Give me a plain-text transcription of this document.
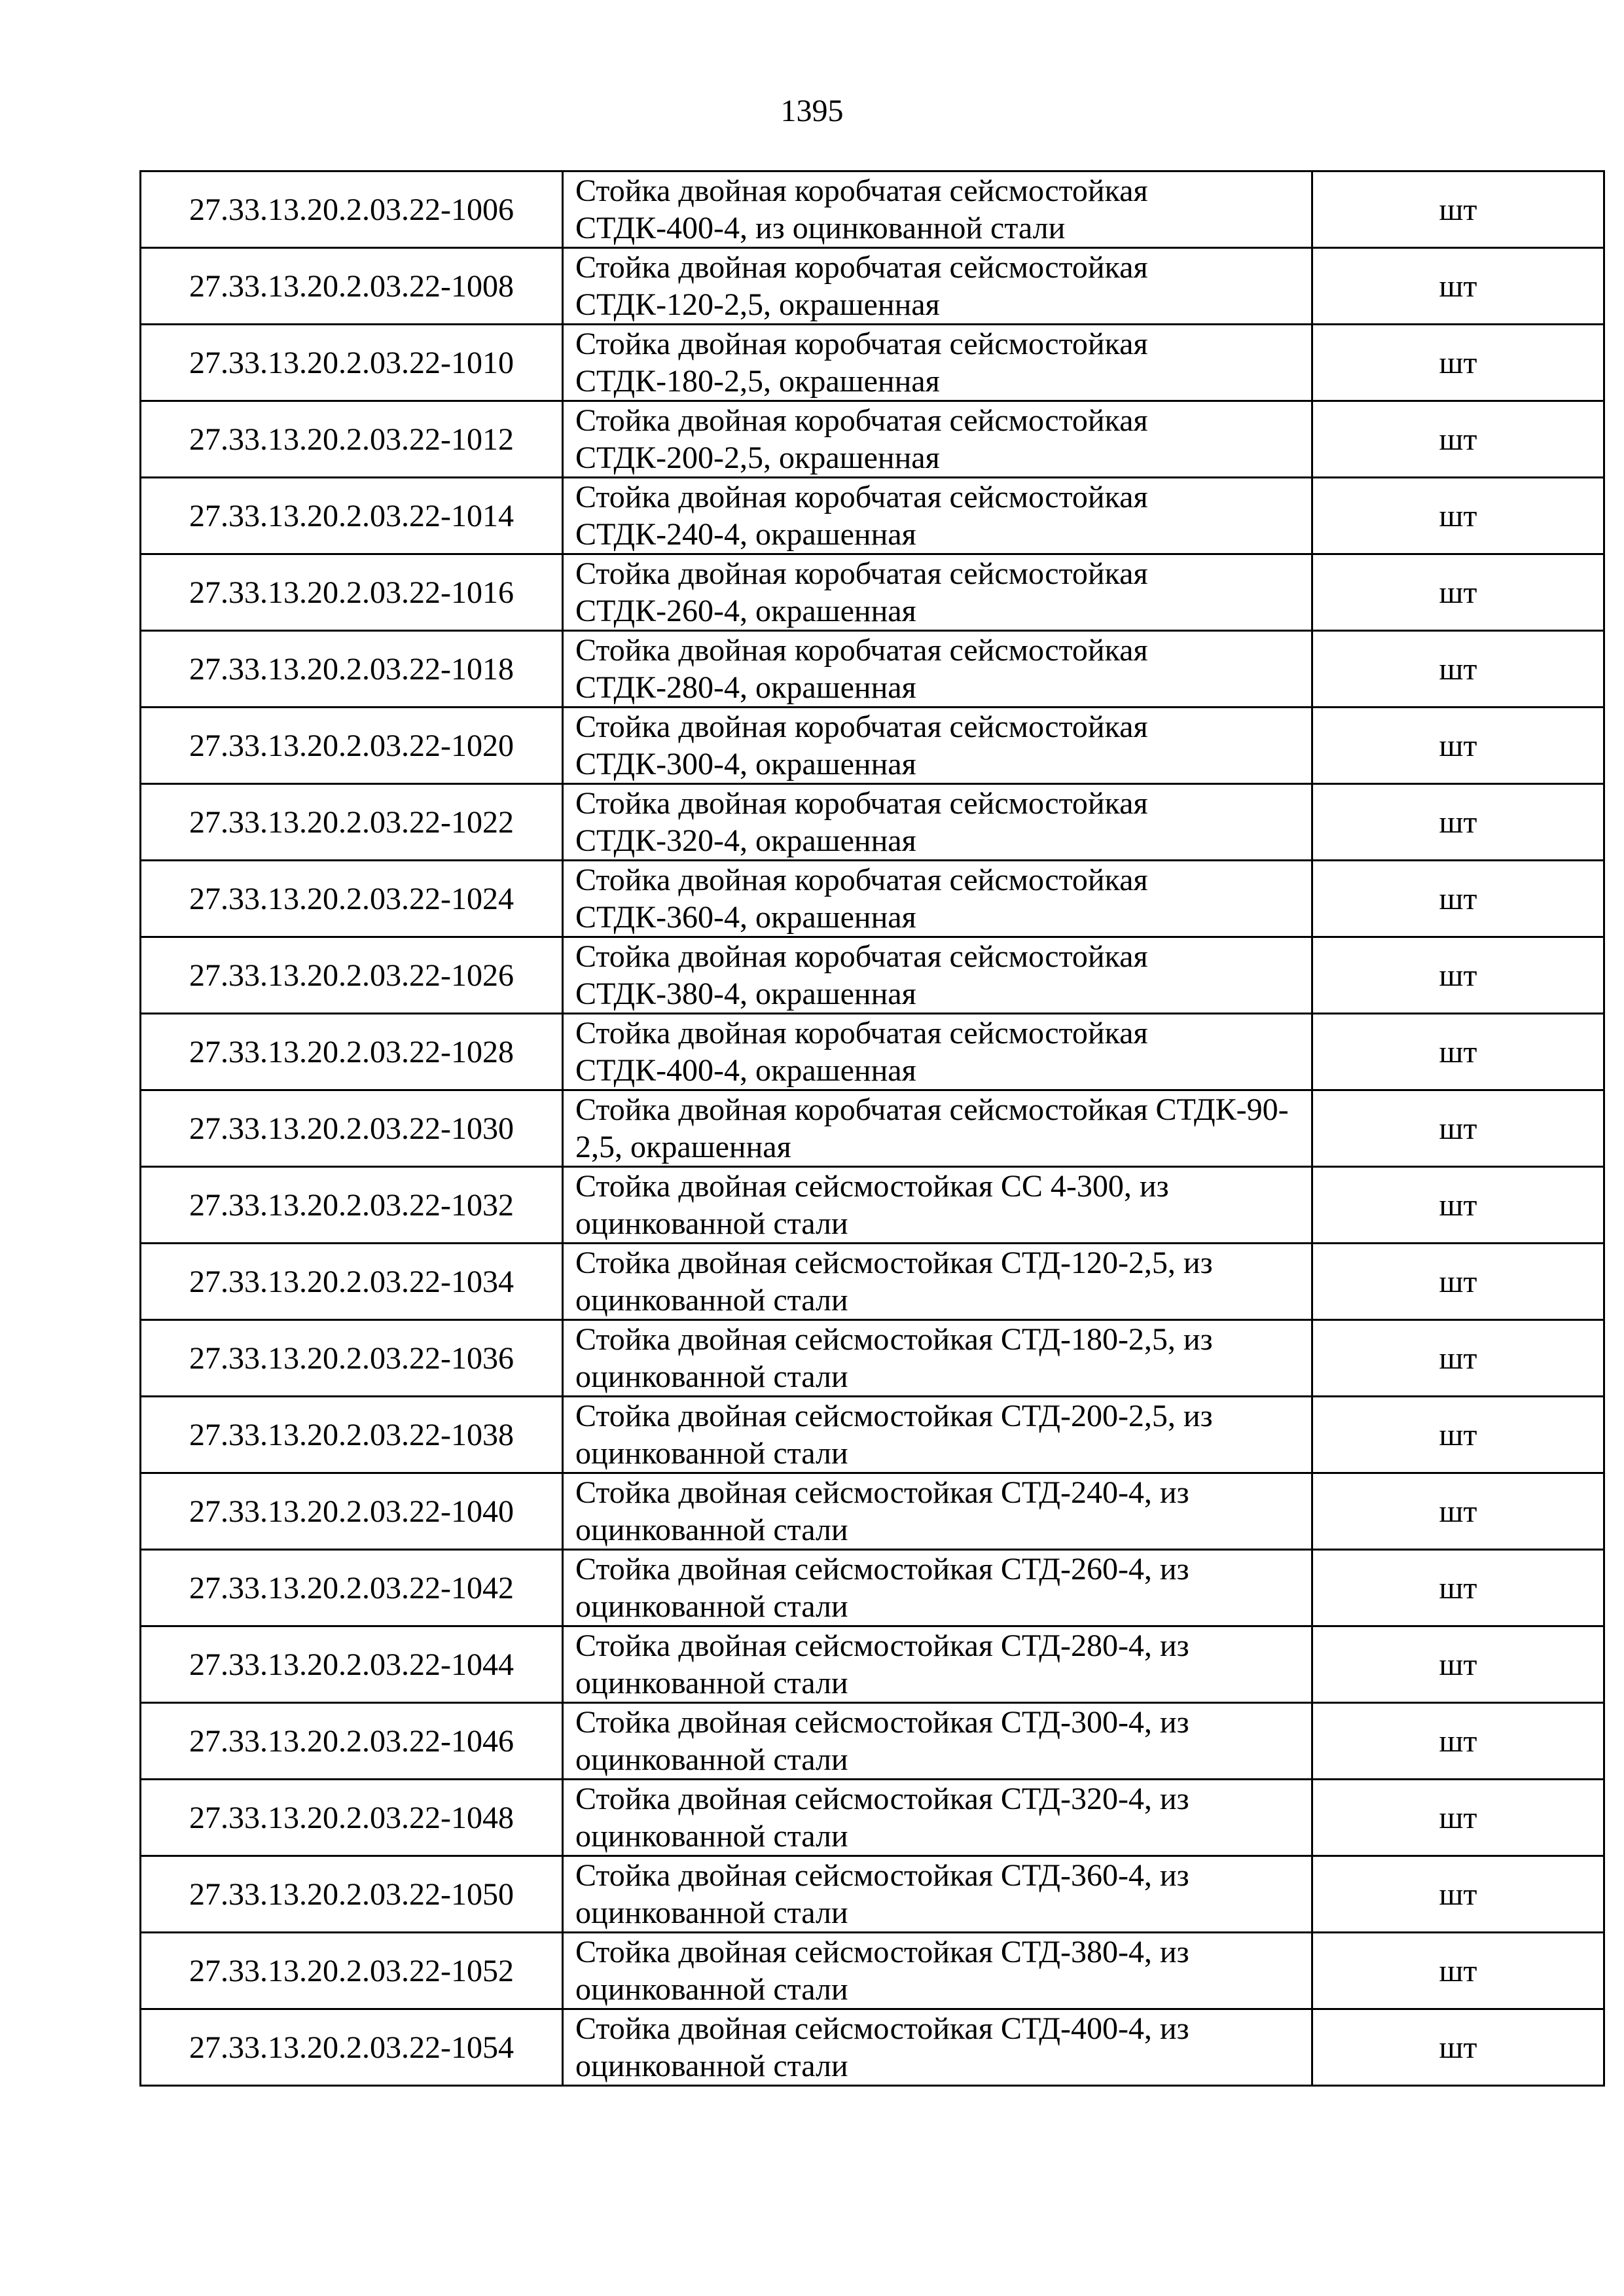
1395
27.33.13.20.2.03.22-1006	Стойка двойная коробчатая сейсмостойкая СТДК-400-4, из оцинкованной стали	шт
27.33.13.20.2.03.22-1008	Стойка двойная коробчатая сейсмостойкая СТДК-120-2,5, окрашенная	шт
27.33.13.20.2.03.22-1010	Стойка двойная коробчатая сейсмостойкая СТДК-180-2,5, окрашенная	шт
27.33.13.20.2.03.22-1012	Стойка двойная коробчатая сейсмостойкая СТДК-200-2,5, окрашенная	шт
27.33.13.20.2.03.22-1014	Стойка двойная коробчатая сейсмостойкая СТДК-240-4, окрашенная	шт
27.33.13.20.2.03.22-1016	Стойка двойная коробчатая сейсмостойкая СТДК-260-4, окрашенная	шт
27.33.13.20.2.03.22-1018	Стойка двойная коробчатая сейсмостойкая СТДК-280-4, окрашенная	шт
27.33.13.20.2.03.22-1020	Стойка двойная коробчатая сейсмостойкая СТДК-300-4, окрашенная	шт
27.33.13.20.2.03.22-1022	Стойка двойная коробчатая сейсмостойкая СТДК-320-4, окрашенная	шт
27.33.13.20.2.03.22-1024	Стойка двойная коробчатая сейсмостойкая СТДК-360-4, окрашенная	шт
27.33.13.20.2.03.22-1026	Стойка двойная коробчатая сейсмостойкая СТДК-380-4, окрашенная	шт
27.33.13.20.2.03.22-1028	Стойка двойная коробчатая сейсмостойкая СТДК-400-4, окрашенная	шт
27.33.13.20.2.03.22-1030	Стойка двойная коробчатая сейсмостойкая СТДК-90-2,5, окрашенная	шт
27.33.13.20.2.03.22-1032	Стойка двойная сейсмостойкая СС 4-300, из оцинкованной стали	шт
27.33.13.20.2.03.22-1034	Стойка двойная сейсмостойкая СТД-120-2,5, из оцинкованной стали	шт
27.33.13.20.2.03.22-1036	Стойка двойная сейсмостойкая СТД-180-2,5, из оцинкованной стали	шт
27.33.13.20.2.03.22-1038	Стойка двойная сейсмостойкая СТД-200-2,5, из оцинкованной стали	шт
27.33.13.20.2.03.22-1040	Стойка двойная сейсмостойкая СТД-240-4, из оцинкованной стали	шт
27.33.13.20.2.03.22-1042	Стойка двойная сейсмостойкая СТД-260-4, из оцинкованной стали	шт
27.33.13.20.2.03.22-1044	Стойка двойная сейсмостойкая СТД-280-4, из оцинкованной стали	шт
27.33.13.20.2.03.22-1046	Стойка двойная сейсмостойкая СТД-300-4, из оцинкованной стали	шт
27.33.13.20.2.03.22-1048	Стойка двойная сейсмостойкая СТД-320-4, из оцинкованной стали	шт
27.33.13.20.2.03.22-1050	Стойка двойная сейсмостойкая СТД-360-4, из оцинкованной стали	шт
27.33.13.20.2.03.22-1052	Стойка двойная сейсмостойкая СТД-380-4, из оцинкованной стали	шт
27.33.13.20.2.03.22-1054	Стойка двойная сейсмостойкая СТД-400-4, из оцинкованной стали	шт
